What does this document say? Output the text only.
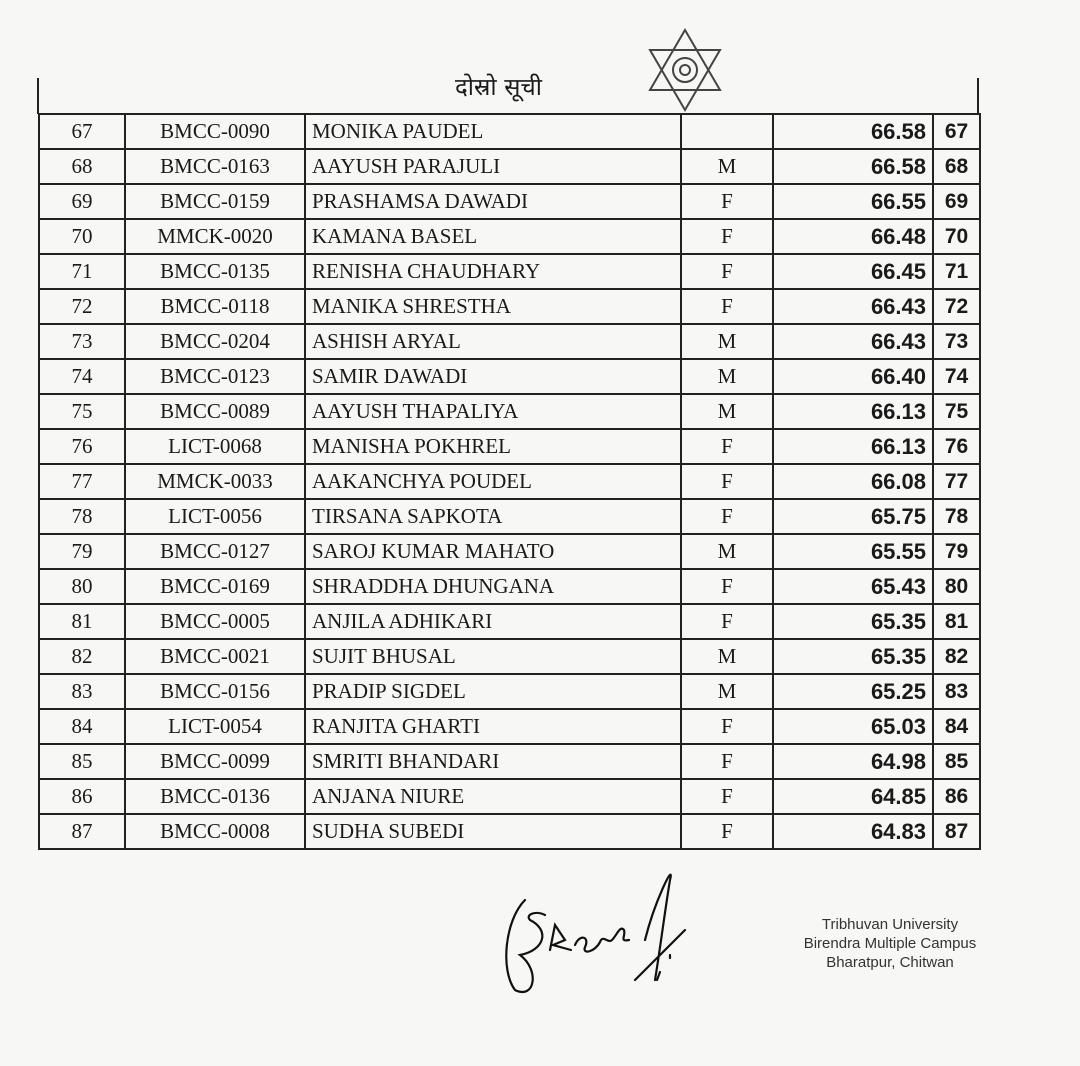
दोस्रो सूची
67	BMCC-0090	MONIKA PAUDEL		66.58	67
68	BMCC-0163	AAYUSH PARAJULI	M	66.58	68
69	BMCC-0159	PRASHAMSA DAWADI	F	66.55	69
70	MMCK-0020	KAMANA BASEL	F	66.48	70
71	BMCC-0135	RENISHA CHAUDHARY	F	66.45	71
72	BMCC-0118	MANIKA SHRESTHA	F	66.43	72
73	BMCC-0204	ASHISH ARYAL	M	66.43	73
74	BMCC-0123	SAMIR DAWADI	M	66.40	74
75	BMCC-0089	AAYUSH THAPALIYA	M	66.13	75
76	LICT-0068	MANISHA POKHREL	F	66.13	76
77	MMCK-0033	AAKANCHYA POUDEL	F	66.08	77
78	LICT-0056	TIRSANA SAPKOTA	F	65.75	78
79	BMCC-0127	SAROJ KUMAR MAHATO	M	65.55	79
80	BMCC-0169	SHRADDHA DHUNGANA	F	65.43	80
81	BMCC-0005	ANJILA ADHIKARI	F	65.35	81
82	BMCC-0021	SUJIT BHUSAL	M	65.35	82
83	BMCC-0156	PRADIP SIGDEL	M	65.25	83
84	LICT-0054	RANJITA GHARTI	F	65.03	84
85	BMCC-0099	SMRITI BHANDARI	F	64.98	85
86	BMCC-0136	ANJANA NIURE	F	64.85	86
87	BMCC-0008	SUDHA SUBEDI	F	64.83	87
Tribhuvan University
Birendra Multiple Campus
Bharatpur, Chitwan
